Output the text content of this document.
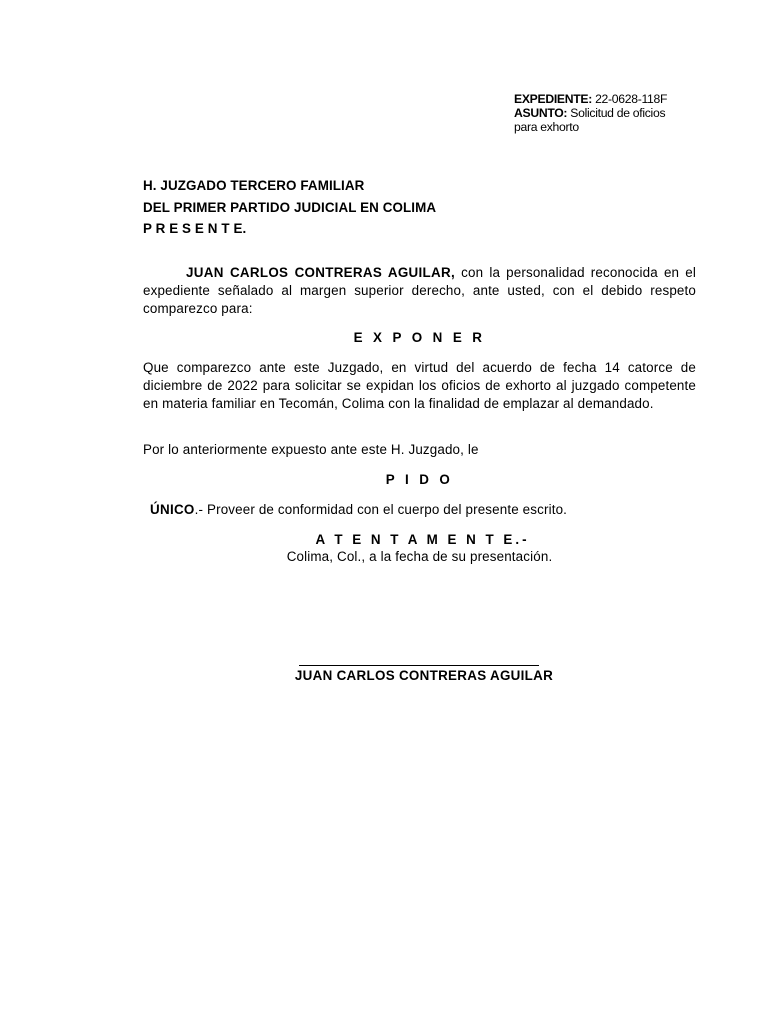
EXPEDIENTE: 22-0628-118F
ASUNTO: Solicitud de oficios
para exhorto
H. JUZGADO TERCERO FAMILIAR
DEL PRIMER PARTIDO JUDICIAL EN COLIMA
P R E S E N T E.
JUAN CARLOS CONTRERAS AGUILAR, con la personalidad reconocida en el expediente señalado al margen superior derecho, ante usted, con el debido respeto comparezco para:
E X P O N E R
Que comparezco ante este Juzgado, en virtud del acuerdo de fecha 14 catorce de diciembre de 2022 para solicitar se expidan los oficios de exhorto al juzgado competente en materia familiar en Tecomán, Colima con la finalidad de emplazar al demandado.
Por lo anteriormente expuesto ante este H. Juzgado, le
P I D O
ÚNICO.- Proveer de conformidad con el cuerpo del presente escrito.
A T E N T A M E N T E.-
Colima, Col., a la fecha de su presentación.
JUAN CARLOS CONTRERAS AGUILAR
